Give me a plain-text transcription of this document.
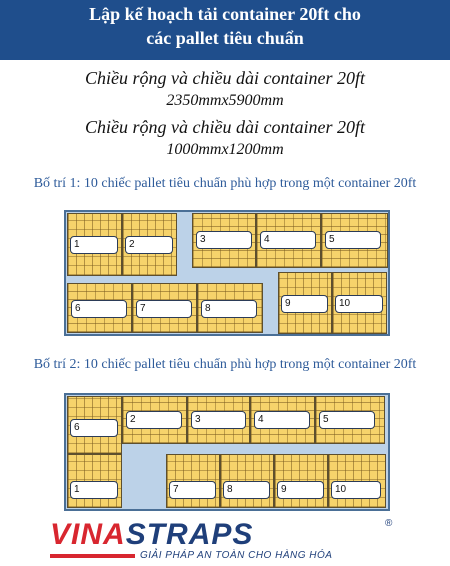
Lập kế hoạch tải container 20ft cho
các pallet tiêu chuẩn
Chiều rộng và chiều dài container 20ft
2350mmx5900mm
Chiều rộng và chiều dài container 20ft
1000mmx1200mm
Bố trí 1: 10 chiếc pallet tiêu chuẩn phù hợp trong một container 20ft
1	2	3	4	5
6	7	8	9	10
Bố trí 2: 10 chiếc pallet tiêu chuẩn phù hợp trong một container 20ft
6
1
2	3	4	5
7	8	9	10
VINASTRAPS	®
GIẢI PHÁP AN TOÀN CHO HÀNG HÓA
